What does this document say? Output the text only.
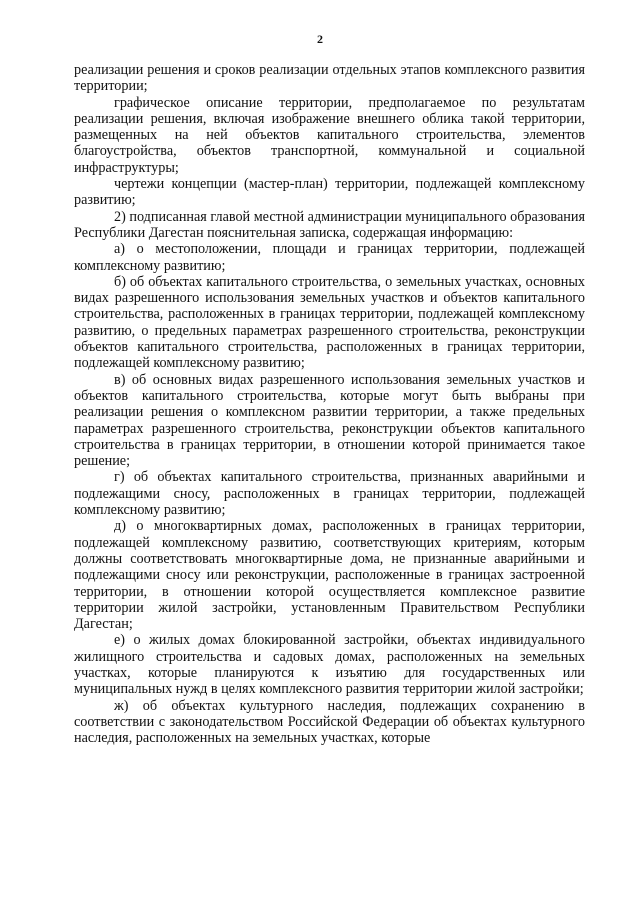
2

реализации решения и сроков реализации отдельных этапов комплексного развития территории;

графическое описание территории, предполагаемое по результатам реализации решения, включая изображение внешнего облика такой территории, размещенных на ней объектов капитального строительства, элементов благоустройства, объектов транспортной, коммунальной и социальной инфраструктуры;

чертежи концепции (мастер-план) территории, подлежащей комплексному развитию;

2) подписанная главой местной администрации муниципального образования Республики Дагестан пояснительная записка, содержащая информацию:

а) о местоположении, площади и границах территории, подлежащей комплексному развитию;

б) об объектах капитального строительства, о земельных участках, основных видах разрешенного использования земельных участков и объектов капитального строительства, расположенных в границах территории, подлежащей комплексному развитию, о предельных параметрах разрешенного строительства, реконструкции объектов капитального строительства, расположенных в границах территории, подлежащей комплексному развитию;

в) об основных видах разрешенного использования земельных участков и объектов капитального строительства, которые могут быть выбраны при реализации решения о комплексном развитии территории, а также предельных параметрах разрешенного строительства, реконструкции объектов капитального строительства в границах территории, в отношении которой принимается такое решение;

г) об объектах капитального строительства, признанных аварийными и подлежащими сносу, расположенных в границах территории, подлежащей комплексному развитию;

д) о многоквартирных домах, расположенных в границах территории, подлежащей комплексному развитию, соответствующих критериям, которым должны соответствовать многоквартирные дома, не признанные аварийными и подлежащими сносу или реконструкции, расположенные в границах застроенной территории, в отношении которой осуществляется комплексное развитие территории жилой застройки, установленным Правительством Республики Дагестан;

е) о жилых домах блокированной застройки, объектах индивидуального жилищного строительства и садовых домах, расположенных на земельных участках, которые планируются к изъятию для государственных или муниципальных нужд в целях комплексного развития территории жилой застройки;

ж) об объектах культурного наследия, подлежащих сохранению в соответствии с законодательством Российской Федерации об объектах культурного наследия, расположенных на земельных участках, которые
